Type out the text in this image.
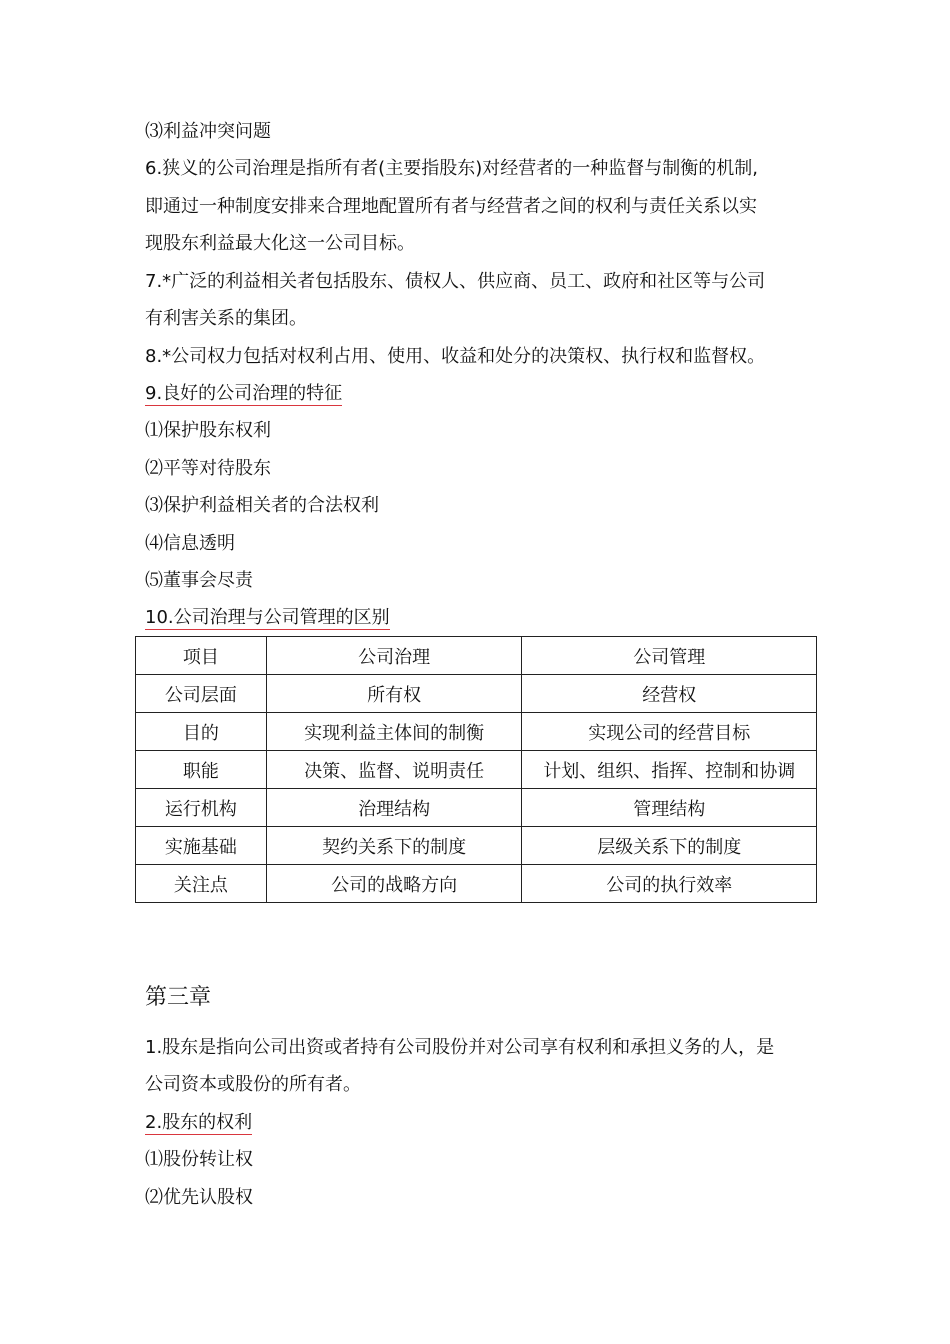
⑶利益冲突问题
6.狭义的公司治理是指所有者(主要指股东)对经营者的一种监督与制衡的机制,
即通过一种制度安排来合理地配置所有者与经营者之间的权利与责任关系以实
现股东利益最大化这一公司目标。
7.*广泛的利益相关者包括股东、债权人、供应商、员工、政府和社区等与公司
有利害关系的集团。
8.*公司权力包括对权利占用、使用、收益和处分的决策权、执行权和监督权。
9.良好的公司治理的特征
⑴保护股东权利
⑵平等对待股东
⑶保护利益相关者的合法权利
⑷信息透明
⑸董事会尽责
10.公司治理与公司管理的区别
项目	公司治理	公司管理
公司层面	所有权	经营权
目的	实现利益主体间的制衡	实现公司的经营目标
职能	决策、监督、说明责任	计划、组织、指挥、控制和协调
运行机构	治理结构	管理结构
实施基础	契约关系下的制度	层级关系下的制度
关注点	公司的战略方向	公司的执行效率
第三章
1.股东是指向公司出资或者持有公司股份并对公司享有权利和承担义务的人，是
公司资本或股份的所有者。
2.股东的权利
⑴股份转让权
⑵优先认股权
